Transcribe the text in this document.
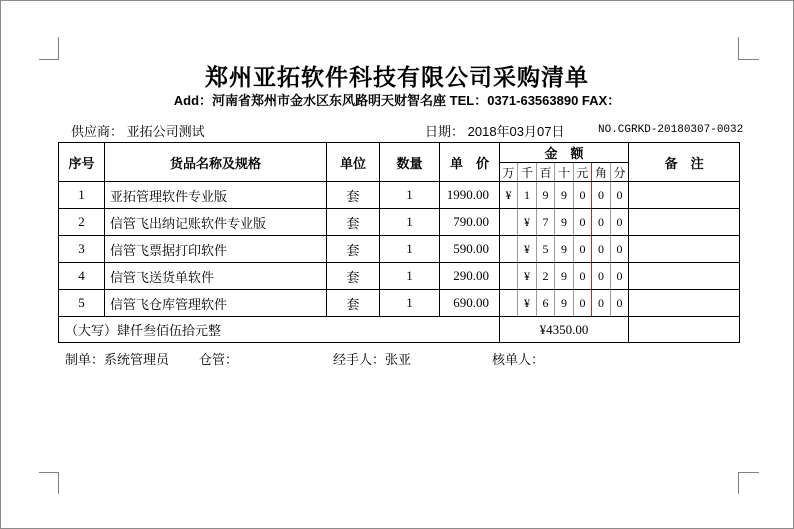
郑州亚拓软件科技有限公司采购清单
Add：河南省郑州市金水区东风路明天财智名座 TEL：0371-63563890 FAX：
供应商： 亚拓公司测试	日期： 2018年03月07日	NO.CGRKD-20180307-0032
序号	货品名称及规格	单位	数量	单　价	金　额							备　注
					万	千	百	十	元	角	分	
1	亚拓管理软件专业版	套	1	1990.00	¥	1	9	9	0	0	0	
2	信管飞出纳记账软件专业版	套	1	790.00		¥	7	9	0	0	0	
3	信管飞票据打印软件	套	1	590.00		¥	5	9	0	0	0	
4	信管飞送货单软件	套	1	290.00		¥	2	9	0	0	0	
5	信管飞仓库管理软件	套	1	690.00		¥	6	9	0	0	0	
（大写）肆仟叁佰伍拾元整					¥4350.00							
制单：系统管理员 仓管：	经手人：张亚	核单人：
